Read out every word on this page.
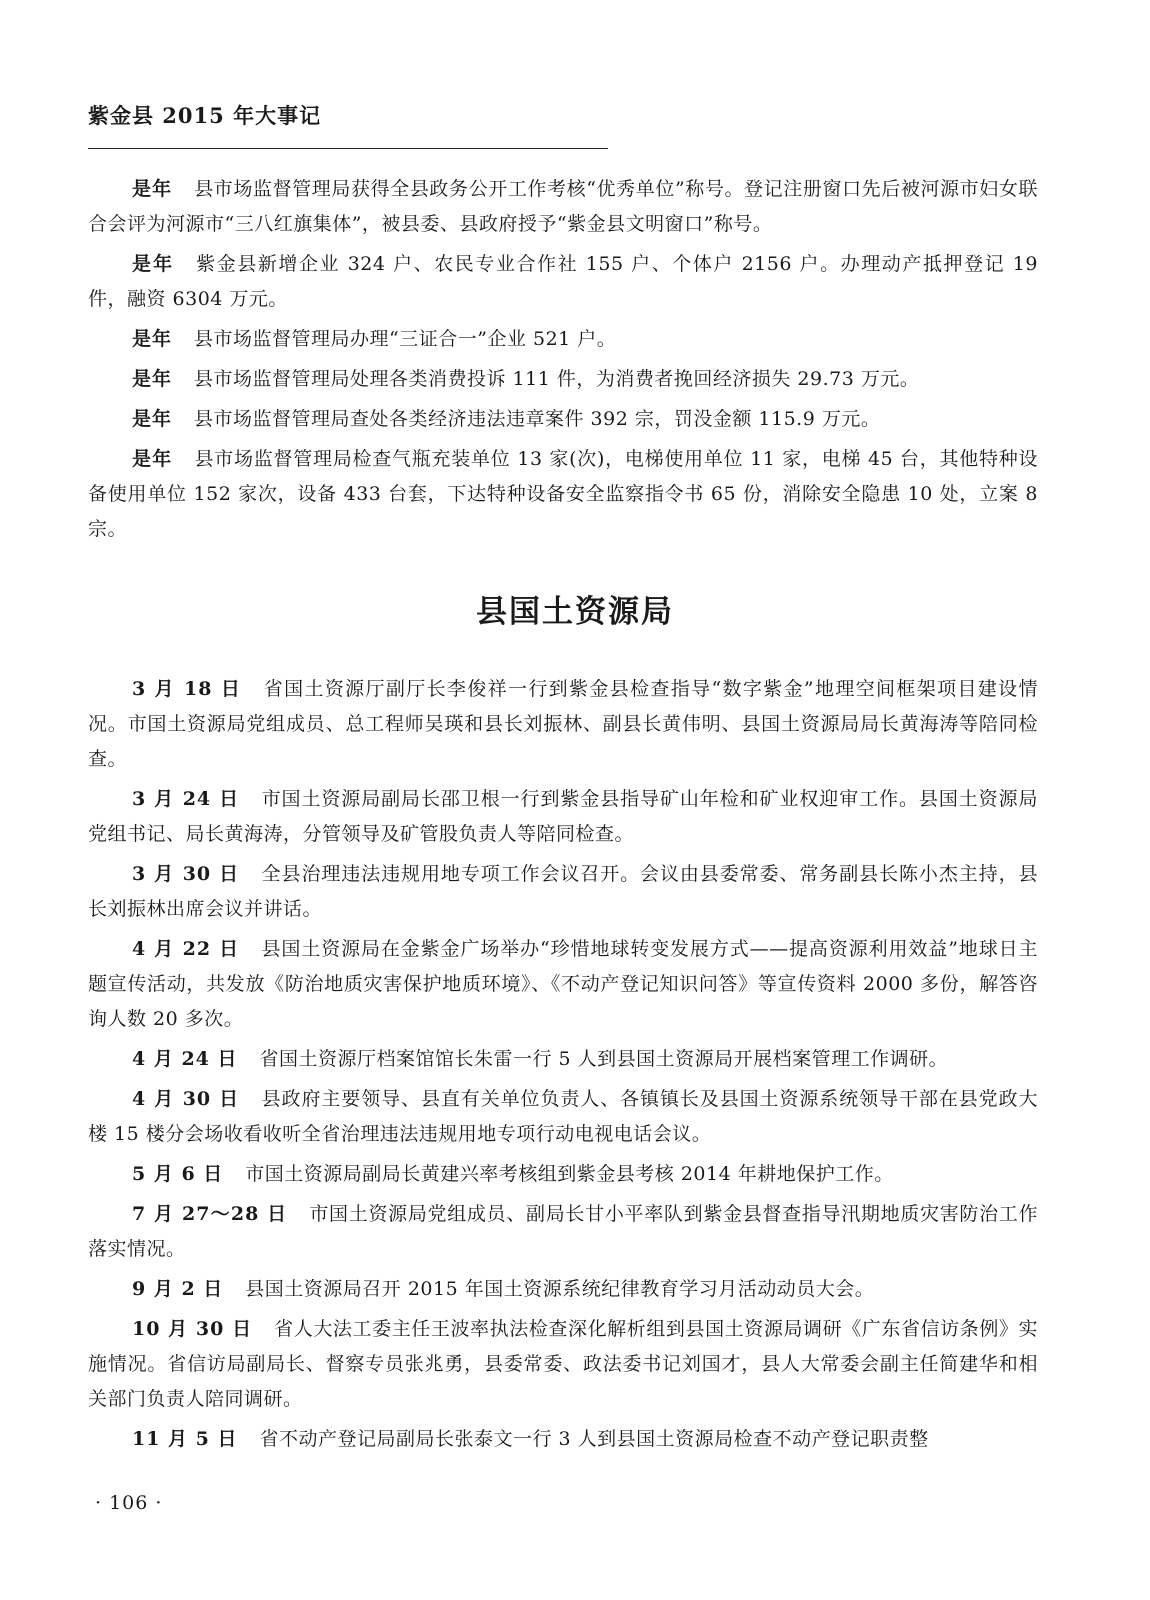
紫金县 2015 年大事记

是年 县市场监督管理局获得全县政务公开工作考核“优秀单位”称号。登记注册窗口先后被河源市妇女联合会评为河源市“三八红旗集体”，被县委、县政府授予“紫金县文明窗口”称号。

是年 紫金县新增企业 324 户、农民专业合作社 155 户、个体户 2156 户。办理动产抵押登记 19 件，融资 6304 万元。

是年 县市场监督管理局办理“三证合一”企业 521 户。

是年 县市场监督管理局处理各类消费投诉 111 件，为消费者挽回经济损失 29.73 万元。

是年 县市场监督管理局查处各类经济违法违章案件 392 宗，罚没金额 115.9 万元。

是年 县市场监督管理局检查气瓶充装单位 13 家(次)，电梯使用单位 11 家，电梯 45 台，其他特种设备使用单位 152 家次，设备 433 台套，下达特种设备安全监察指令书 65 份，消除安全隐患 10 处，立案 8 宗。

县国土资源局

3 月 18 日 省国土资源厅副厅长李俊祥一行到紫金县检查指导“数字紫金”地理空间框架项目建设情况。市国土资源局党组成员、总工程师吴瑛和县长刘振林、副县长黄伟明、县国土资源局局长黄海涛等陪同检查。

3 月 24 日 市国土资源局副局长邵卫根一行到紫金县指导矿山年检和矿业权迎审工作。县国土资源局党组书记、局长黄海涛，分管领导及矿管股负责人等陪同检查。

3 月 30 日 全县治理违法违规用地专项工作会议召开。会议由县委常委、常务副县长陈小杰主持，县长刘振林出席会议并讲话。

4 月 22 日 县国土资源局在金紫金广场举办“珍惜地球转变发展方式——提高资源利用效益”地球日主题宣传活动，共发放《防治地质灾害保护地质环境》、《不动产登记知识问答》等宣传资料 2000 多份，解答咨询人数 20 多次。

4 月 24 日 省国土资源厅档案馆馆长朱雷一行 5 人到县国土资源局开展档案管理工作调研。

4 月 30 日 县政府主要领导、县直有关单位负责人、各镇镇长及县国土资源系统领导干部在县党政大楼 15 楼分会场收看收听全省治理违法违规用地专项行动电视电话会议。

5 月 6 日 市国土资源局副局长黄建兴率考核组到紫金县考核 2014 年耕地保护工作。

7 月 27～28 日 市国土资源局党组成员、副局长甘小平率队到紫金县督查指导汛期地质灾害防治工作落实情况。

9 月 2 日 县国土资源局召开 2015 年国土资源系统纪律教育学习月活动动员大会。

10 月 30 日 省人大法工委主任王波率执法检查深化解析组到县国土资源局调研《广东省信访条例》实施情况。省信访局副局长、督察专员张兆勇，县委常委、政法委书记刘国才，县人大常委会副主任简建华和相关部门负责人陪同调研。

11 月 5 日 省不动产登记局副局长张泰文一行 3 人到县国土资源局检查不动产登记职责整

· 106 ·
